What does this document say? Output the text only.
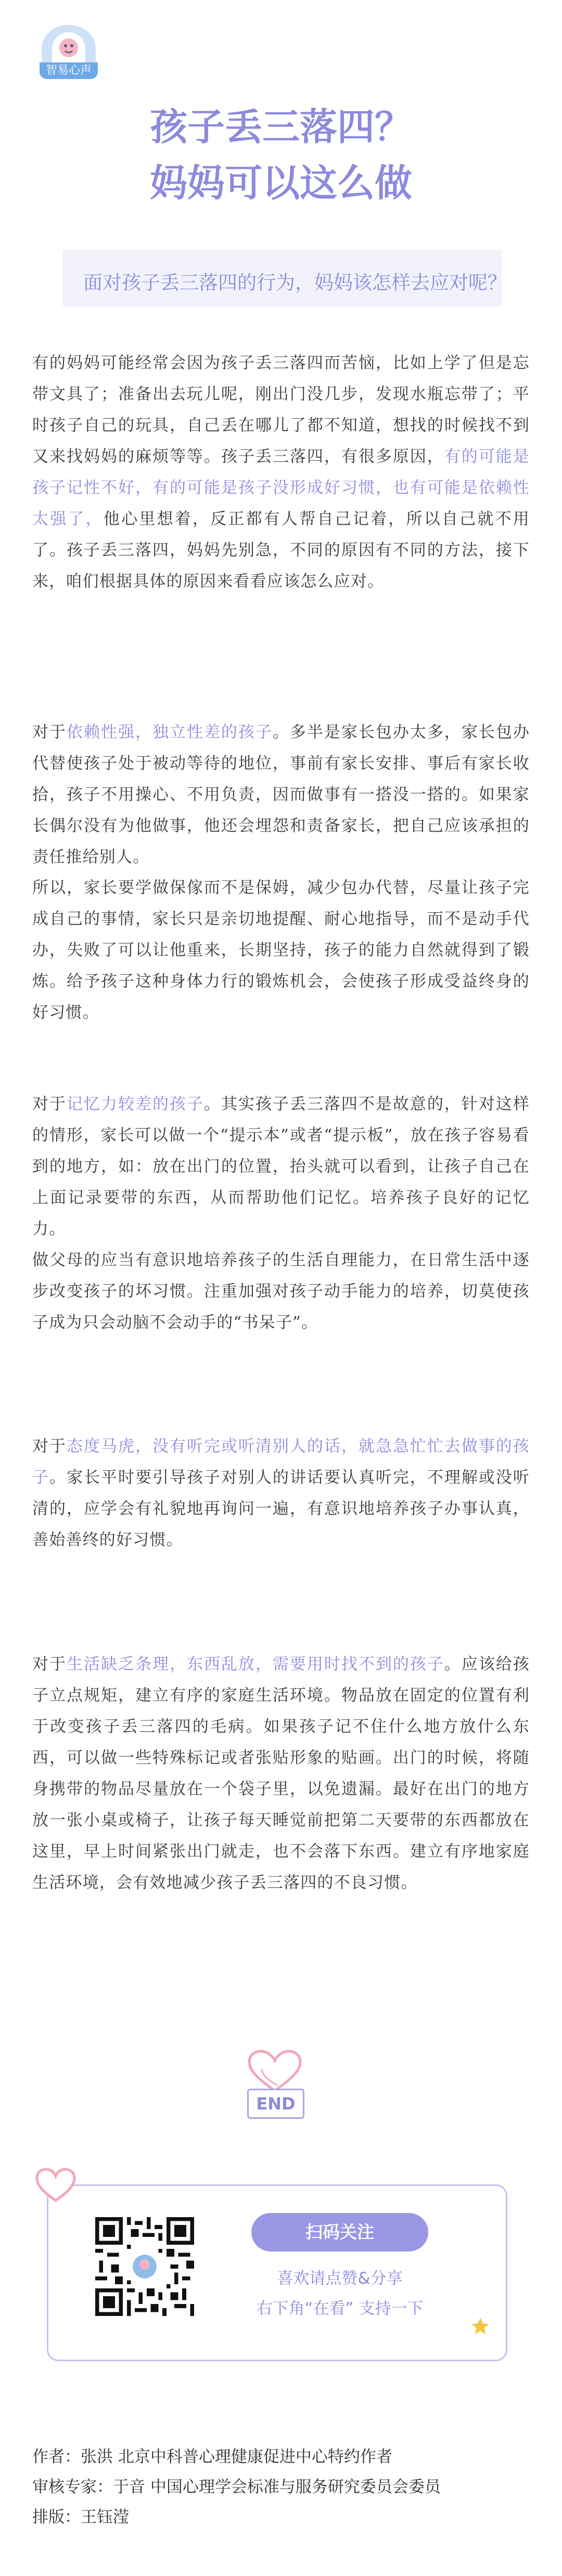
智易心声
孩子丢三落四？
妈妈可以这么做
面对孩子丢三落四的行为，妈妈该怎样去应对呢？
有的妈妈可能经常会因为孩子丢三落四而苦恼，比如上学了但是忘带文具了；准备出去玩儿呢，刚出门没几步，发现水瓶忘带了；平时孩子自己的玩具，自己丢在哪儿了都不知道，想找的时候找不到又来找妈妈的麻烦等等。孩子丢三落四，有很多原因，有的可能是孩子记性不好，有的可能是孩子没形成好习惯，也有可能是依赖性太强了，他心里想着，反正都有人帮自己记着，所以自己就不用了。孩子丢三落四，妈妈先别急，不同的原因有不同的方法，接下来，咱们根据具体的原因来看看应该怎么应对。
对于依赖性强，独立性差的孩子。多半是家长包办太多，家长包办代替使孩子处于被动等待的地位，事前有家长安排、事后有家长收拾，孩子不用操心、不用负责，因而做事有一搭没一搭的。如果家长偶尔没有为他做事，他还会埋怨和责备家长，把自己应该承担的责任推给别人。
所以，家长要学做保傢而不是保姆，减少包办代替，尽量让孩子完成自己的事情，家长只是亲切地提醒、耐心地指导，而不是动手代办，失败了可以让他重来，长期坚持，孩子的能力自然就得到了锻炼。给予孩子这种身体力行的锻炼机会，会使孩子形成受益终身的好习惯。
对于记忆力较差的孩子。其实孩子丢三落四不是故意的，针对这样的情形，家长可以做一个“提示本”或者“提示板”，放在孩子容易看到的地方，如：放在出门的位置，抬头就可以看到，让孩子自己在上面记录要带的东西，从而帮助他们记忆。培养孩子良好的记忆力。
做父母的应当有意识地培养孩子的生活自理能力，在日常生活中逐步改变孩子的坏习惯。注重加强对孩子动手能力的培养，切莫使孩子成为只会动脑不会动手的“书呆子”。
对于态度马虎，没有听完或听清别人的话，就急急忙忙去做事的孩子。家长平时要引导孩子对别人的讲话要认真听完，不理解或没听清的，应学会有礼貌地再询问一遍，有意识地培养孩子办事认真，善始善终的好习惯。
对于生活缺乏条理，东西乱放，需要用时找不到的孩子。应该给孩子立点规矩，建立有序的家庭生活环境。物品放在固定的位置有利于改变孩子丢三落四的毛病。如果孩子记不住什么地方放什么东西，可以做一些特殊标记或者张贴形象的贴画。出门的时候，将随身携带的物品尽量放在一个袋子里，以免遗漏。最好在出门的地方放一张小桌或椅子，让孩子每天睡觉前把第二天要带的东西都放在这里，早上时间紧张出门就走，也不会落下东西。建立有序地家庭生活环境，会有效地减少孩子丢三落四的不良习惯。
END
扫码关注
喜欢请点赞&分享
右下角“在看” 支持一下
作者：张洪 北京中科普心理健康促进中心特约作者
审核专家：于音 中国心理学会标准与服务研究委员会委员
排版：王钰滢
